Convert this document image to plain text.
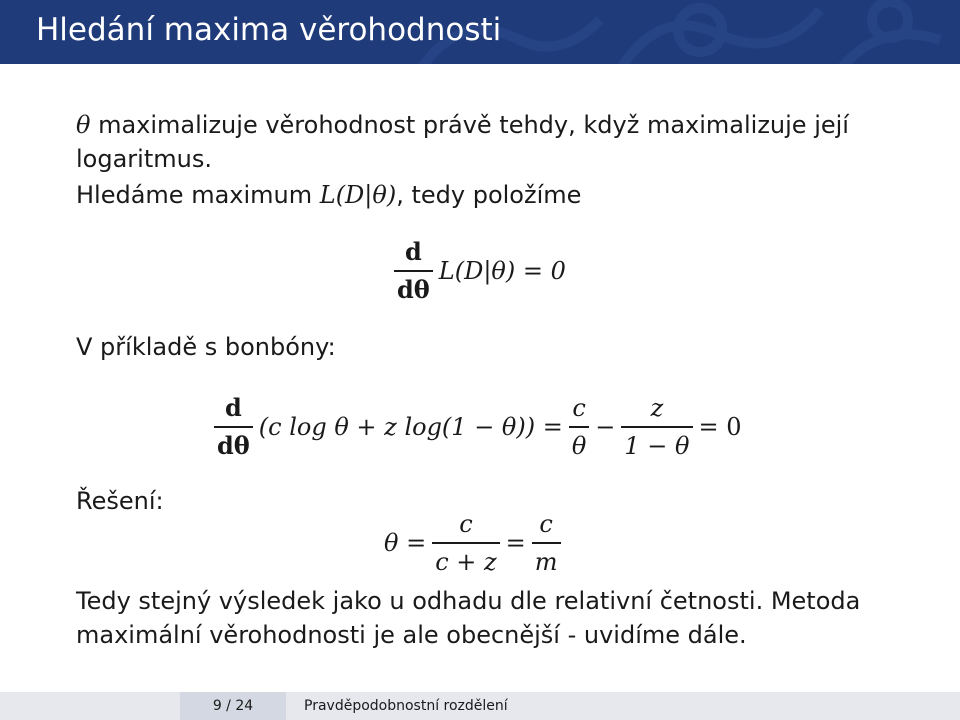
Hledání maxima věrohodnosti
θ maximalizuje věrohodnost právě tehdy, když maximalizuje její
logaritmus.
Hledáme maximum L(D|θ), tedy položíme
$\frac{d}{d\theta} L(D|\theta) = 0$
V příkladě s bonbóny:
$\frac{d}{d\theta} (c$ log θ + z $\log(1 - \theta)) = \frac{c}{\theta} - \frac{z}{1 - \theta} = 0$
Řešení:
$\theta = \frac{c}{c + z} = \frac{c}{m}$
Tedy stejný výsledek jako u odhadu dle relativní četnosti. Metoda
maximální věrohodnosti je ale obecnější - uvidíme dále.
9 / 24	Pravděpodobnostní rozdělení
